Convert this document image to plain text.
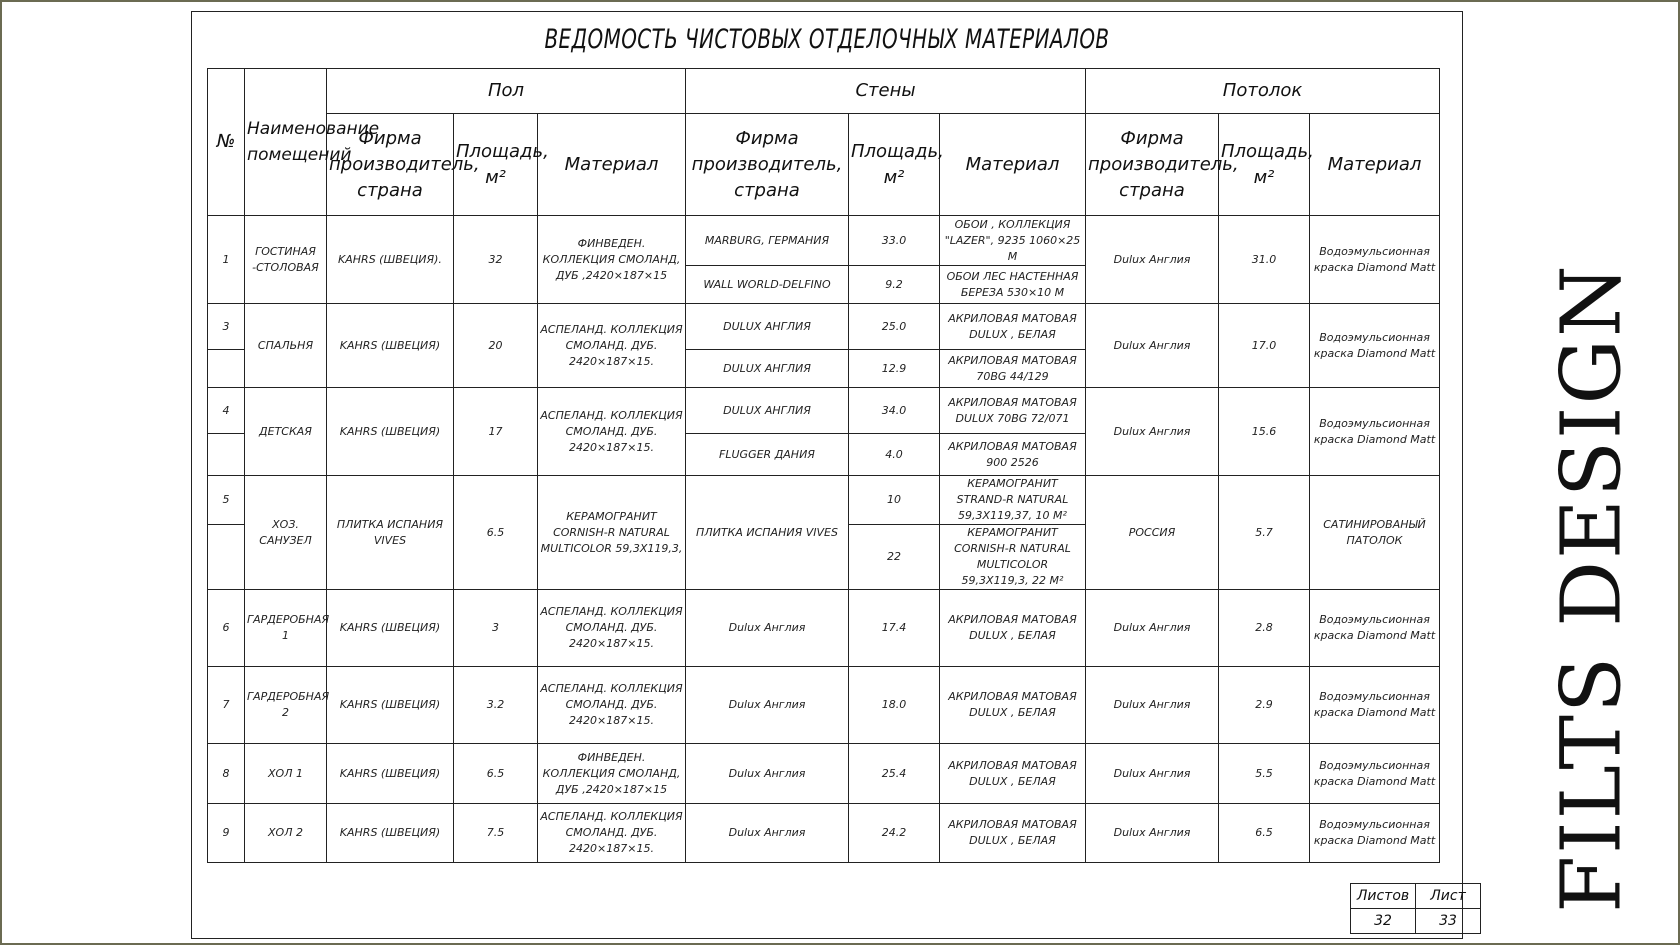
ВЕДОМОСТЬ ЧИСТОВЫХ ОТДЕЛОЧНЫХ МАТЕРИАЛОВ
№	Наименование помещений	Пол			Стены			Потолок		
		Фирма производитель, страна	Площадь, м²	Материал	Фирма производитель, страна	Площадь, м²	Материал	Фирма производитель, страна	Площадь, м²	Материал
1	ГОСТИНАЯ -СТОЛОВАЯ	KAHRS (ШВЕЦИЯ).	32	ФИНВЕДЕН. КОЛЛЕКЦИЯ СМОЛАНД, ДУБ ,2420×187×15	MARBURG, ГЕРМАНИЯ	33.0	ОБОИ , КОЛЛЕКЦИЯ "LAZER", 9235 1060×25 М	Dulux Англия	31.0	Водоэмульсионная краска Diamond Matt
					WALL WORLD-DELFINO	9.2	ОБОИ ЛЕС НАСТЕННАЯ БЕРЕЗА 530×10 М			
3	СПАЛЬНЯ	KAHRS (ШВЕЦИЯ)	20	АСПЕЛАНД. КОЛЛЕКЦИЯ СМОЛАНД. ДУБ. 2420×187×15.	DULUX АНГЛИЯ	25.0	АКРИЛОВАЯ МАТОВАЯ DULUX , БЕЛАЯ	Dulux Англия	17.0	Водоэмульсионная краска Diamond Matt
					DULUX АНГЛИЯ	12.9	АКРИЛОВАЯ МАТОВАЯ 70BG 44/129			
4	ДЕТСКАЯ	KAHRS (ШВЕЦИЯ)	17	АСПЕЛАНД. КОЛЛЕКЦИЯ СМОЛАНД. ДУБ. 2420×187×15.	DULUX АНГЛИЯ	34.0	АКРИЛОВАЯ МАТОВАЯ DULUX 70BG 72/071	Dulux Англия	15.6	Водоэмульсионная краска Diamond Matt
					FLUGGER ДАНИЯ	4.0	АКРИЛОВАЯ МАТОВАЯ 900 2526			
5	ХОЗ. САНУЗЕЛ	ПЛИТКА ИСПАНИЯ VIVES	6.5	КЕРАМОГРАНИТ CORNISH-R NATURAL MULTICOLOR 59,3X119,3,	ПЛИТКА ИСПАНИЯ VIVES	10	КЕРАМОГРАНИТ STRAND-R NATURAL 59,3X119,37, 10 М²	РОССИЯ	5.7	САТИНИРОВАНЫЙ ПАТОЛОК
						22	КЕРАМОГРАНИТ CORNISH-R NATURAL MULTICOLOR 59,3X119,3, 22 М²			
6	ГАРДЕРОБНАЯ 1	KAHRS (ШВЕЦИЯ)	3	АСПЕЛАНД. КОЛЛЕКЦИЯ СМОЛАНД. ДУБ. 2420×187×15.	Dulux Англия	17.4	АКРИЛОВАЯ МАТОВАЯ DULUX , БЕЛАЯ	Dulux Англия	2.8	Водоэмульсионная краска Diamond Matt
7	ГАРДЕРОБНАЯ 2	KAHRS (ШВЕЦИЯ)	3.2	АСПЕЛАНД. КОЛЛЕКЦИЯ СМОЛАНД. ДУБ. 2420×187×15.	Dulux Англия	18.0	АКРИЛОВАЯ МАТОВАЯ DULUX , БЕЛАЯ	Dulux Англия	2.9	Водоэмульсионная краска Diamond Matt
8	ХОЛ 1	KAHRS (ШВЕЦИЯ)	6.5	ФИНВЕДЕН. КОЛЛЕКЦИЯ СМОЛАНД, ДУБ ,2420×187×15	Dulux Англия	25.4	АКРИЛОВАЯ МАТОВАЯ DULUX , БЕЛАЯ	Dulux Англия	5.5	Водоэмульсионная краска Diamond Matt
9	ХОЛ 2	KAHRS (ШВЕЦИЯ)	7.5	АСПЕЛАНД. КОЛЛЕКЦИЯ СМОЛАНД. ДУБ. 2420×187×15.	Dulux Англия	24.2	АКРИЛОВАЯ МАТОВАЯ DULUX , БЕЛАЯ	Dulux Англия	6.5	Водоэмульсионная краска Diamond Matt
Листов	Лист
32	33
FILTS DESIGN
